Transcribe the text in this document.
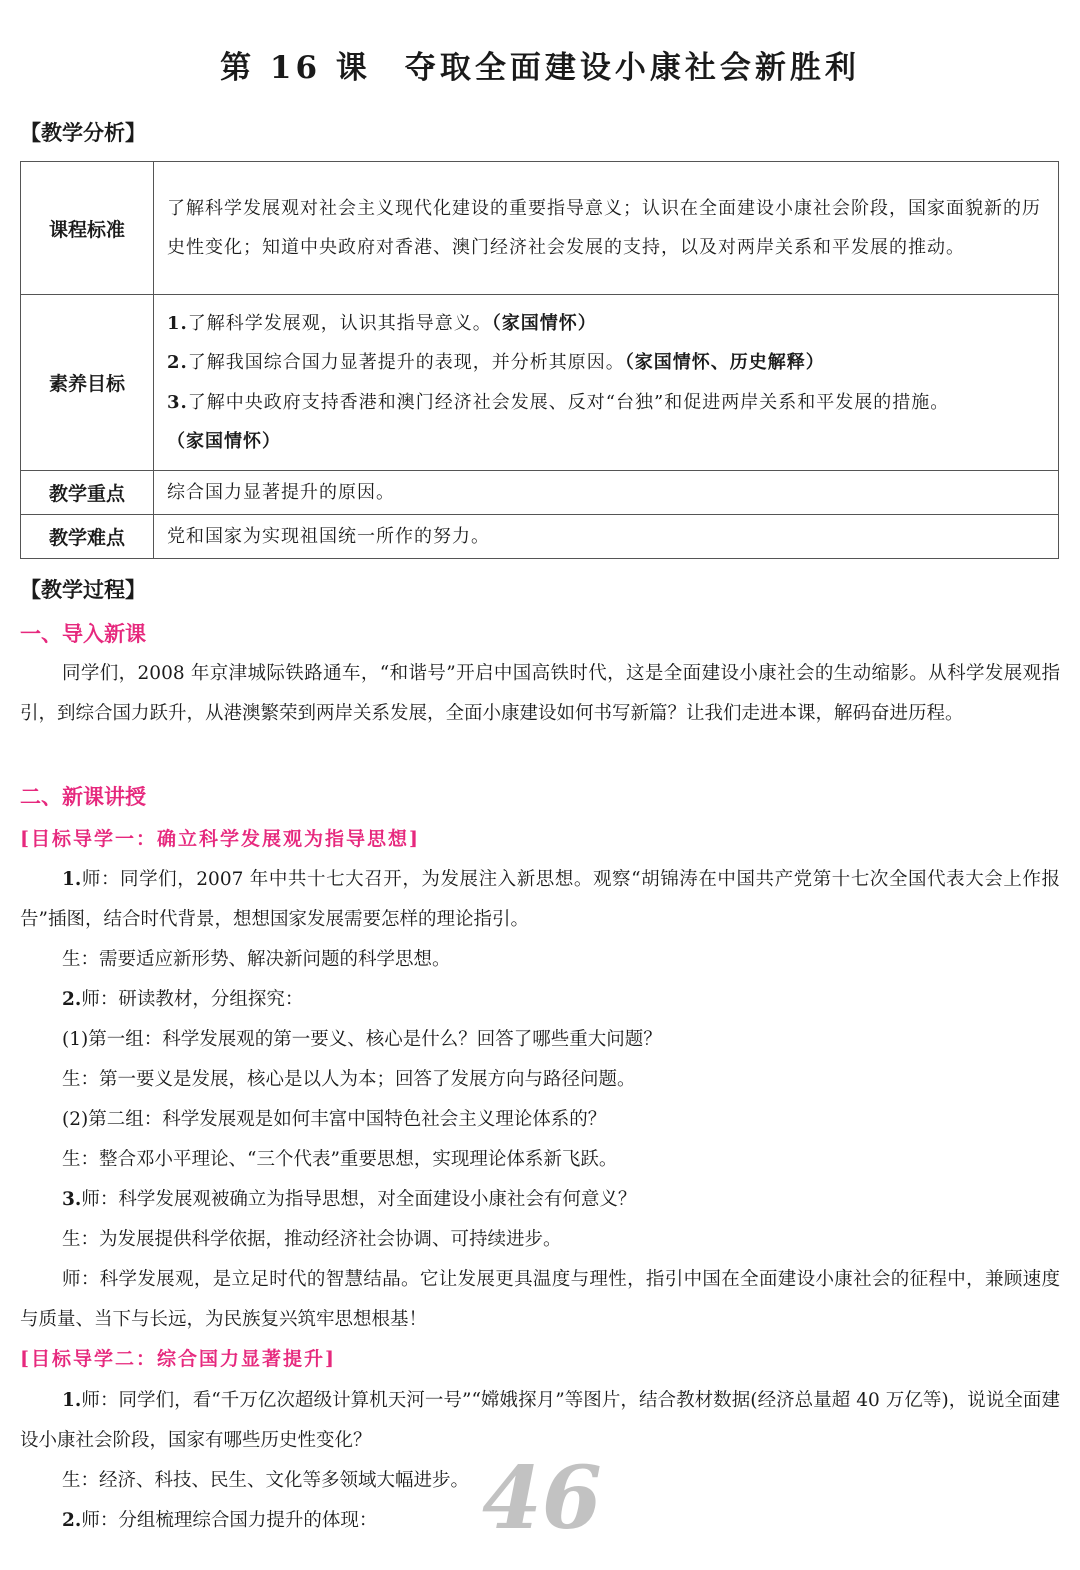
第 16 课 夺取全面建设小康社会新胜利
【教学分析】
课程标准	了解科学发展观对社会主义现代化建设的重要指导意义；认识在全面建设小康社会阶段，国家面貌新的历史性变化；知道中央政府对香港、澳门经济社会发展的支持，以及对两岸关系和平发展的推动。
素养目标	1.了解科学发展观，认识其指导意义。（家国情怀）
2.了解我国综合国力显著提升的表现，并分析其原因。（家国情怀、历史解释）
3.了解中央政府支持香港和澳门经济社会发展、反对“台独”和促进两岸关系和平发展的措施。（家国情怀）

教学重点	综合国力显著提升的原因。
教学难点	党和国家为实现祖国统一所作的努力。
【教学过程】
一、导入新课

同学们，2008 年京津城际铁路通车，“和谐号”开启中国高铁时代，这是全面建设小康社会的生动缩影。从科学发展观指引，到综合国力跃升，从港澳繁荣到两岸关系发展，全面小康建设如何书写新篇？让我们走进本课，解码奋进历程。

二、新课讲授
[目标导学一：确立科学发展观为指导思想]

1.师：同学们，2007 年中共十七大召开，为发展注入新思想。观察“胡锦涛在中国共产党第十七次全国代表大会上作报告”插图，结合时代背景，想想国家发展需要怎样的理论指引。

生：需要适应新形势、解决新问题的科学思想。

2.师：研读教材，分组探究：

(1)第一组：科学发展观的第一要义、核心是什么？回答了哪些重大问题？

生：第一要义是发展，核心是以人为本；回答了发展方向与路径问题。

(2)第二组：科学发展观是如何丰富中国特色社会主义理论体系的？

生：整合邓小平理论、“三个代表”重要思想，实现理论体系新飞跃。

3.师：科学发展观被确立为指导思想，对全面建设小康社会有何意义？

生：为发展提供科学依据，推动经济社会协调、可持续进步。

师：科学发展观，是立足时代的智慧结晶。它让发展更具温度与理性，指引中国在全面建设小康社会的征程中，兼顾速度与质量、当下与长远，为民族复兴筑牢思想根基！

[目标导学二：综合国力显著提升]

1.师：同学们，看“千万亿次超级计算机天河一号”“嫦娥探月”等图片，结合教材数据(经济总量超 40 万亿等)，说说全面建设小康社会阶段，国家有哪些历史性变化？

生：经济、科技、民生、文化等多领域大幅进步。

2.师：分组梳理综合国力提升的体现：	46
